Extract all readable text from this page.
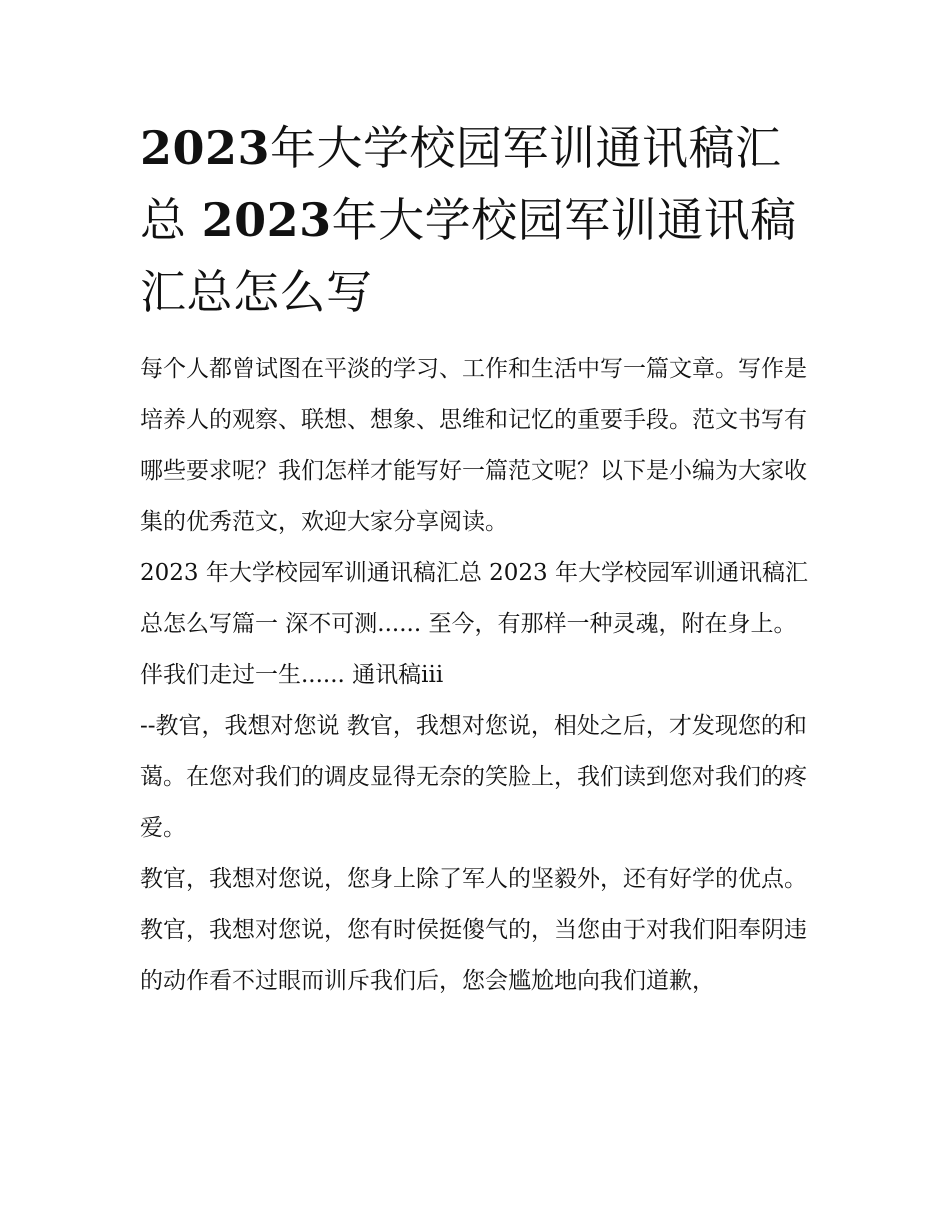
2023年大学校园军训通讯稿汇总 2023年大学校园军训通讯稿汇总怎么写

每个人都曾试图在平淡的学习、工作和生活中写一篇文章。写作是培养人的观察、联想、想象、思维和记忆的重要手段。范文书写有哪些要求呢？我们怎样才能写好一篇范文呢？以下是小编为大家收集的优秀范文，欢迎大家分享阅读。

2023 年大学校园军训通讯稿汇总 2023 年大学校园军训通讯稿汇总怎么写篇一 深不可测...... 至今，有那样一种灵魂，附在身上。 伴我们走过一生...... 通讯稿iii

--教官，我想对您说 教官，我想对您说，相处之后，才发现您的和蔼。在您对我们的调皮显得无奈的笑脸上，我们读到您对我们的疼爱。

教官，我想对您说，您身上除了军人的坚毅外，还有好学的优点。

教官，我想对您说，您有时侯挺傻气的，当您由于对我们阳奉阴违的动作看不过眼而训斥我们后，您会尴尬地向我们道歉，
